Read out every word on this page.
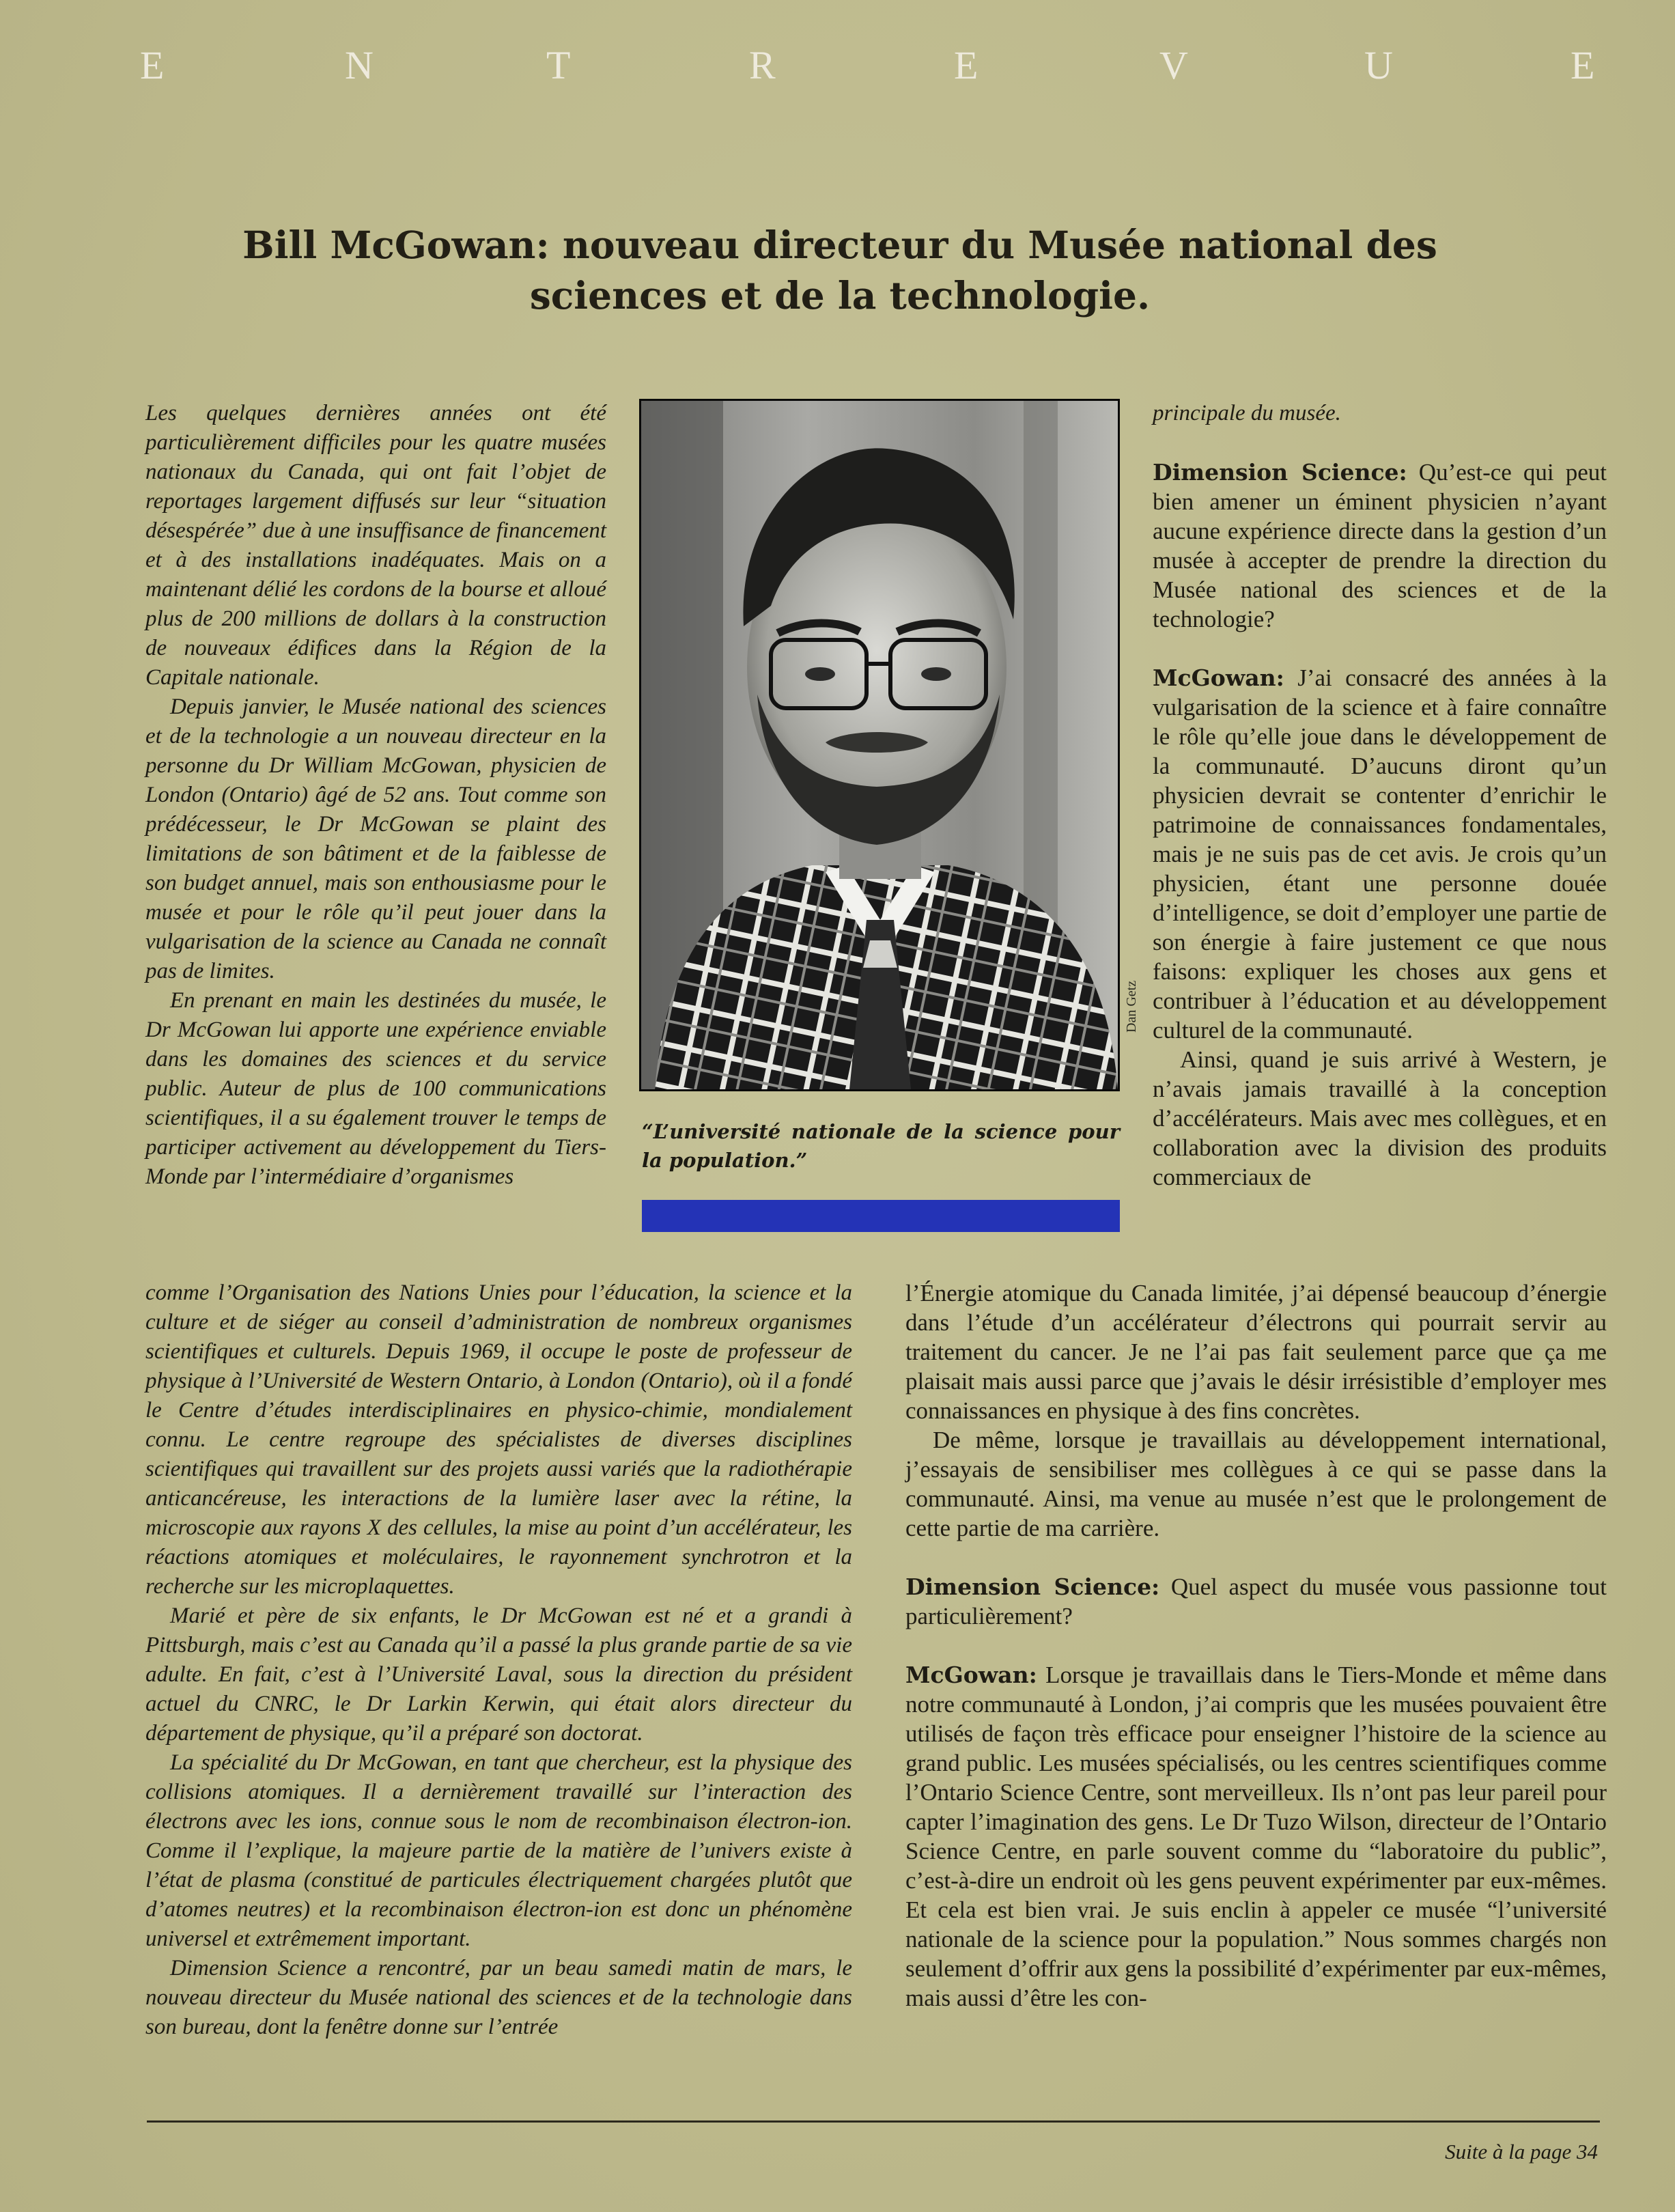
E	N	T	R	E	V	U	E
Bill McGowan: nouveau directeur du Musée national des
sciences et de la technologie.

Les quelques dernières années ont été particulièrement difficiles pour les quatre musées nationaux du Canada, qui ont fait l’objet de reportages largement diffusés sur leur “situation désespérée” due à une insuffisance de financement et à des installations inadéquates. Mais on a maintenant délié les cordons de la bourse et alloué plus de 200 millions de dollars à la construction de nouveaux édifices dans la Région de la Capitale nationale.

Depuis janvier, le Musée national des sciences et de la technologie a un nouveau directeur en la personne du Dr William McGowan, physicien de London (Ontario) âgé de 52 ans. Tout comme son prédécesseur, le Dr McGowan se plaint des limitations de son bâtiment et de la faiblesse de son budget annuel, mais son enthousiasme pour le musée et pour le rôle qu’il peut jouer dans la vulgarisation de la science au Canada ne connaît pas de limites.

En prenant en main les destinées du musée, le Dr McGowan lui apporte une expérience enviable dans les domaines des sciences et du service public. Auteur de plus de 100 communications scientifiques, il a su également trouver le temps de participer activement au développement du Tiers-Monde par l’intermédiaire d’organismes

comme l’Organisation des Nations Unies pour l’éducation, la science et la culture et de siéger au conseil d’administration de nombreux organismes scientifiques et culturels. Depuis 1969, il occupe le poste de professeur de physique à l’Université de Western Ontario, à London (Ontario), où il a fondé le Centre d’études interdisciplinaires en physico-chimie, mondialement connu. Le centre regroupe des spécialistes de diverses disciplines scientifiques qui travaillent sur des projets aussi variés que la radiothérapie anticancéreuse, les interactions de la lumière laser avec la rétine, la microscopie aux rayons X des cellules, la mise au point d’un accélérateur, les réactions atomiques et moléculaires, le rayonnement synchrotron et la recherche sur les microplaquettes.

Marié et père de six enfants, le Dr McGowan est né et a grandi à Pittsburgh, mais c’est au Canada qu’il a passé la plus grande partie de sa vie adulte. En fait, c’est à l’Université Laval, sous la direction du président actuel du CNRC, le Dr Larkin Kerwin, qui était alors directeur du département de physique, qu’il a préparé son doctorat.

La spécialité du Dr McGowan, en tant que chercheur, est la physique des collisions atomiques. Il a dernièrement travaillé sur l’interaction des électrons avec les ions, connue sous le nom de recombinaison électron-ion. Comme il l’explique, la majeure partie de la matière de l’univers existe à l’état de plasma (constitué de particules électriquement chargées plutôt que d’atomes neutres) et la recombinaison électron-ion est donc un phénomène universel et extrêmement important.

Dimension Science a rencontré, par un beau samedi matin de mars, le nouveau directeur du Musée national des sciences et de la technologie dans son bureau, dont la fenêtre donne sur l’entrée

Dan Getz
“L’université nationale de la science pour la population.”

principale du musée.

Dimension Science: Qu’est-ce qui peut bien amener un éminent physicien n’ayant aucune expérience directe dans la gestion d’un musée à accepter de prendre la direction du Musée national des sciences et de la technologie?

McGowan: J’ai consacré des années à la vulgarisation de la science et à faire connaître le rôle qu’elle joue dans le développement de la communauté. D’aucuns diront qu’un physicien devrait se contenter d’enrichir le patrimoine de connaissances fondamentales, mais je ne suis pas de cet avis. Je crois qu’un physicien, étant une personne douée d’intelligence, se doit d’employer une partie de son énergie à faire justement ce que nous faisons: expliquer les choses aux gens et contribuer à l’éducation et au développement culturel de la communauté.

Ainsi, quand je suis arrivé à Western, je n’avais jamais travaillé à la conception d’accélérateurs. Mais avec mes collègues, et en collaboration avec la division des produits commerciaux de

l’Énergie atomique du Canada limitée, j’ai dépensé beaucoup d’énergie dans l’étude d’un accélérateur d’électrons qui pourrait servir au traitement du cancer. Je ne l’ai pas fait seulement parce que ça me plaisait mais aussi parce que j’avais le désir irrésistible d’employer mes connaissances en physique à des fins concrètes.

De même, lorsque je travaillais au développement international, j’essayais de sensibiliser mes collègues à ce qui se passe dans la communauté. Ainsi, ma venue au musée n’est que le prolongement de cette partie de ma carrière.

Dimension Science: Quel aspect du musée vous passionne tout particulièrement?

McGowan: Lorsque je travaillais dans le Tiers-Monde et même dans notre communauté à London, j’ai compris que les musées pouvaient être utilisés de façon très efficace pour enseigner l’histoire de la science au grand public. Les musées spécialisés, ou les centres scientifiques comme l’Ontario Science Centre, sont merveilleux. Ils n’ont pas leur pareil pour capter l’imagination des gens. Le Dr Tuzo Wilson, directeur de l’Ontario Science Centre, en parle souvent comme du “laboratoire du public”, c’est-à-dire un endroit où les gens peuvent expérimenter par eux-mêmes. Et cela est bien vrai. Je suis enclin à appeler ce musée “l’université nationale de la science pour la population.” Nous sommes chargés non seulement d’offrir aux gens la possibilité d’expérimenter par eux-mêmes, mais aussi d’être les con-

Suite à la page 34
